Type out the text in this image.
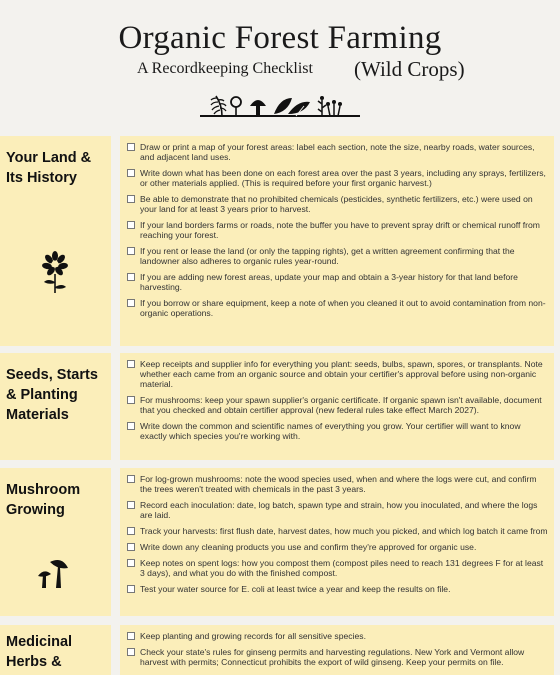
Organic Forest Farming
A Recordkeeping Checklist (Wild Crops)
Your Land & Its History
Draw or print a map of your forest areas: label each section, note the size, nearby roads, water sources, and adjacent land uses.
Write down what has been done on each forest area over the past 3 years, including any sprays, fertilizers, or other materials applied. (This is required before your first organic harvest.)
Be able to demonstrate that no prohibited chemicals (pesticides, synthetic fertilizers, etc.) were used on your land for at least 3 years prior to harvest.
If your land borders farms or roads, note the buffer you have to prevent spray drift or chemical runoff from reaching your forest.
If you rent or lease the land (or only the tapping rights), get a written agreement confirming that the landowner also adheres to organic rules year-round.
If you are adding new forest areas, update your map and obtain a 3-year history for that land before harvesting.
If you borrow or share equipment, keep a note of when you cleaned it out to avoid contamination from non-organic operations.
Seeds, Starts & Planting Materials
Keep receipts and supplier info for everything you plant: seeds, bulbs, spawn, spores, or transplants. Note whether each came from an organic source and obtain your certifier's approval before using non-organic material.
For mushrooms: keep your spawn supplier's organic certificate. If organic spawn isn't available, document that you checked and obtain certifier approval (new federal rules take effect March 2027).
Write down the common and scientific names of everything you grow. Your certifier will want to know exactly which species you're working with.
Mushroom Growing
For log-grown mushrooms: note the wood species used, when and where the logs were cut, and confirm the trees weren't treated with chemicals in the past 3 years.
Record each inoculation: date, log batch, spawn type and strain, how you inoculated, and where the logs are laid.
Track your harvests: first flush date, harvest dates, how much you picked, and which log batch it came from
Write down any cleaning products you use and confirm they're approved for organic use.
Keep notes on spent logs: how you compost them (compost piles need to reach 131 degrees F for at least 3 days), and what you do with the finished compost.
Test your water source for E. coli at least twice a year and keep the results on file.
Medicinal Herbs &
Keep planting and growing records for all sensitive species.
Check your state's rules for ginseng permits and harvesting regulations. New York and Vermont allow harvest with permits; Connecticut prohibits the export of wild ginseng. Keep your permits on file.
